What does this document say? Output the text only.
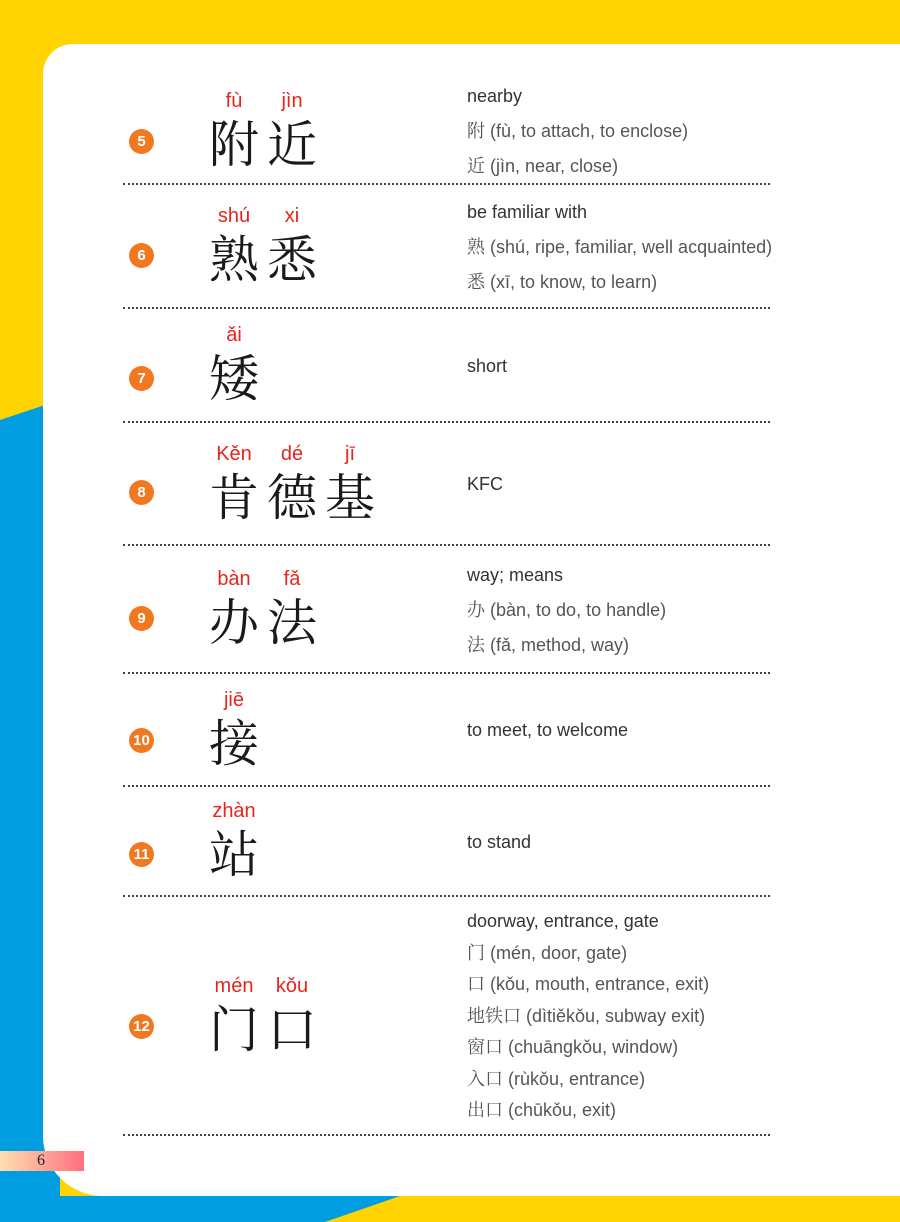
5
fù	jìn
附 近
nearby
附 (fù, to attach, to enclose)
近 (jìn, near, close)
6
shú	xi
熟 悉
be familiar with
熟 (shú, ripe, familiar, well acquainted)
悉 (xī, to know, to learn)
7
ǎi
矮	short
8
Kěn	dé	jī
肯 德 基	KFC
9
bàn	fǎ
办 法
way; means
办 (bàn, to do, to handle)
法 (fǎ, method, way)
10
jiē
接	to meet, to welcome
11
zhàn
站	to stand
12
mén	kǒu
门 口
doorway, entrance, gate
门 (mén, door, gate)
口 (kǒu, mouth, entrance, exit)
地铁口 (dìtiěkǒu, subway exit)
窗口 (chuāngkǒu, window)
入口 (rùkǒu, entrance)
出口 (chūkǒu, exit)
6
